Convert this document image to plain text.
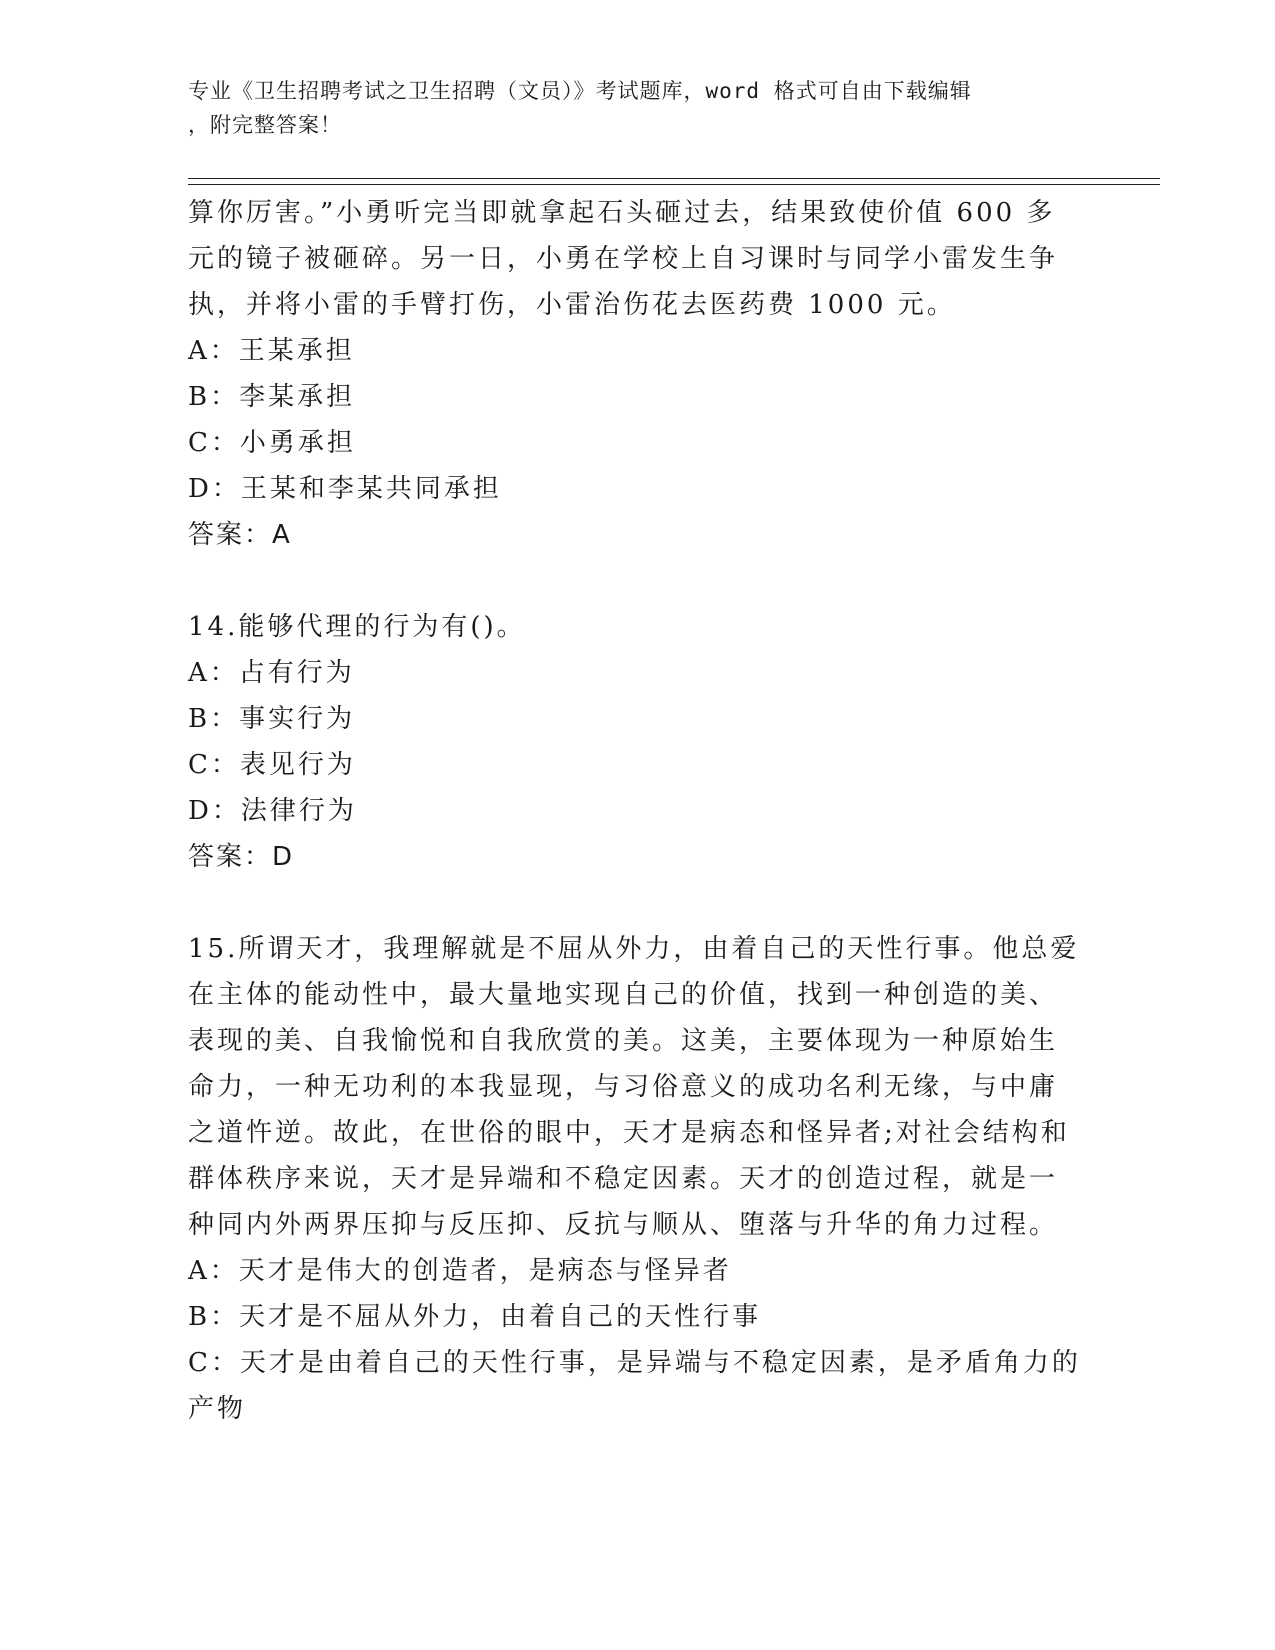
专业《卫生招聘考试之卫生招聘（文员）》考试题库，word 格式可自由下载编辑
，附完整答案！
算你厉害。”小勇听完当即就拿起石头砸过去，结果致使价值 600 多
元的镜子被砸碎。另一日，小勇在学校上自习课时与同学小雷发生争
执，并将小雷的手臂打伤，小雷治伤花去医药费 1000 元。
A：王某承担
B：李某承担
C：小勇承担
D：王某和李某共同承担
答案：A
14.能够代理的行为有()。
A：占有行为
B：事实行为
C：表见行为
D：法律行为
答案：D
15.所谓天才，我理解就是不屈从外力，由着自己的天性行事。他总爱
在主体的能动性中，最大量地实现自己的价值，找到一种创造的美、
表现的美、自我愉悦和自我欣赏的美。这美，主要体现为一种原始生
命力，一种无功利的本我显现，与习俗意义的成功名利无缘，与中庸
之道忤逆。故此，在世俗的眼中，天才是病态和怪异者;对社会结构和
群体秩序来说，天才是异端和不稳定因素。天才的创造过程，就是一
种同内外两界压抑与反压抑、反抗与顺从、堕落与升华的角力过程。
A：天才是伟大的创造者，是病态与怪异者
B：天才是不屈从外力，由着自己的天性行事
C：天才是由着自己的天性行事，是异端与不稳定因素，是矛盾角力的
产物
